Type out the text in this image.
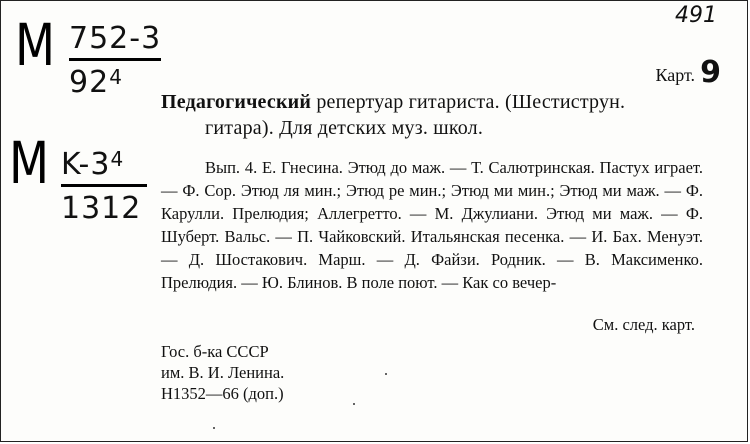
M 752-3
$92^4$
M $K-3^4$
1312
491
Карт. 9
Педагогический репертуар гитариста. (Шестиструн.
гитара). Для детских муз. школ.

Вып. 4. Е. Гнесина. Этюд до маж. — Т. Салютринская. Пастух играет. — Ф. Сор. Этюд ля мин.; Этюд ре мин.; Этюд ми мин.; Этюд ми маж. — Ф. Карулли. Прелюдия; Аллегретто. — М. Джулиани. Этюд ми маж. — Ф. Шуберт. Вальс. — П. Чайковский. Итальянская песенка. — И. Бах. Менуэт. — Д. Шостакович. Марш. — Д. Файзи. Родник. — В. Максименко. Прелюдия. — Ю. Блинов. В поле поют. — Как со вечер-

См. след. карт.
Гос. б-ка СССР
им. В. И. Ленина.
Н1352—66 (доп.)
